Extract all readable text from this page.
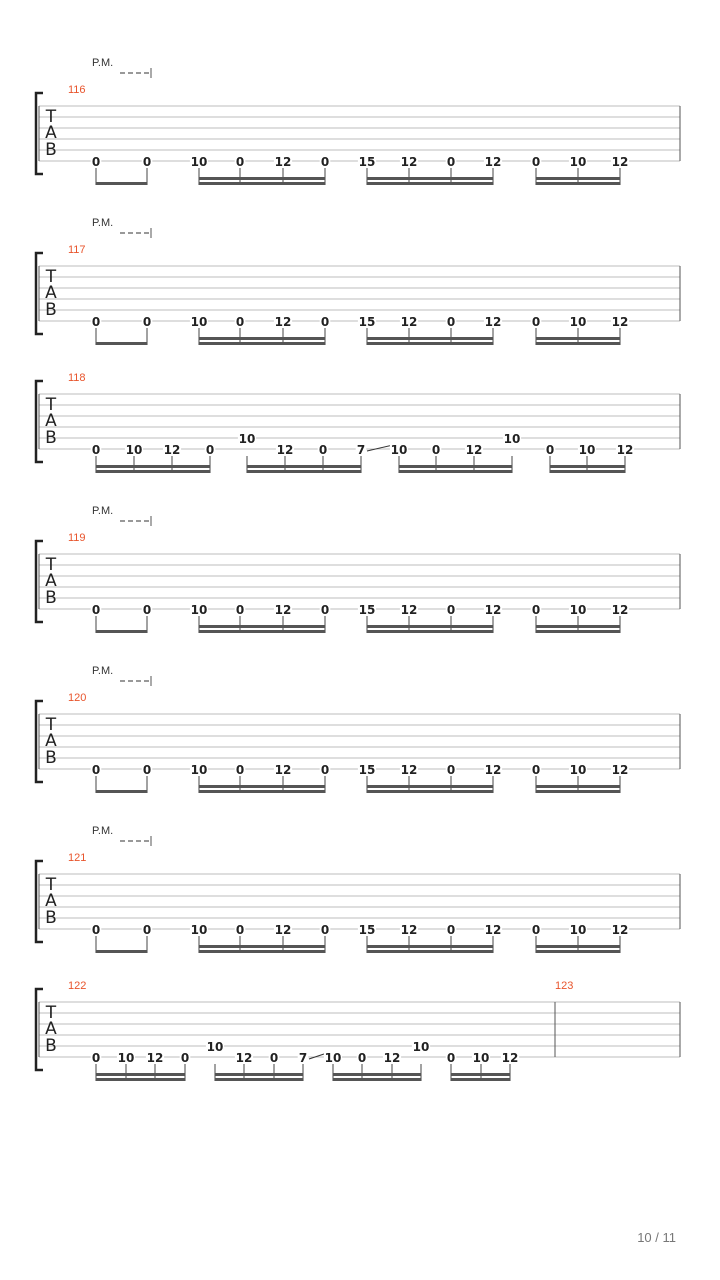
T
A
B
116
P.M.
0	0	10 0	12 0 15 12 0 12	0 10 12
T
A
B
117
P.M.
0	0	10 0	12 0 15 12 0 12	0 10 12
T
A
B
118
0 10 12 0
10
12 0 7 10 0 12
10
0 10 12
T
A
B
119
P.M.
0	0	10 0	12 0 15 12 0 12	0 10 12
T
A
B
120
P.M.
0	0	10 0	12 0 15 12 0 12	0 10 12
T
A
B
121
P.M.
0	0	10 0	12 0 15 12 0 12	0 10 12
T
A
B
122	123
0 10 12 0
10
12 0 7 10 0 12
10
0 10 12
10 / 11
